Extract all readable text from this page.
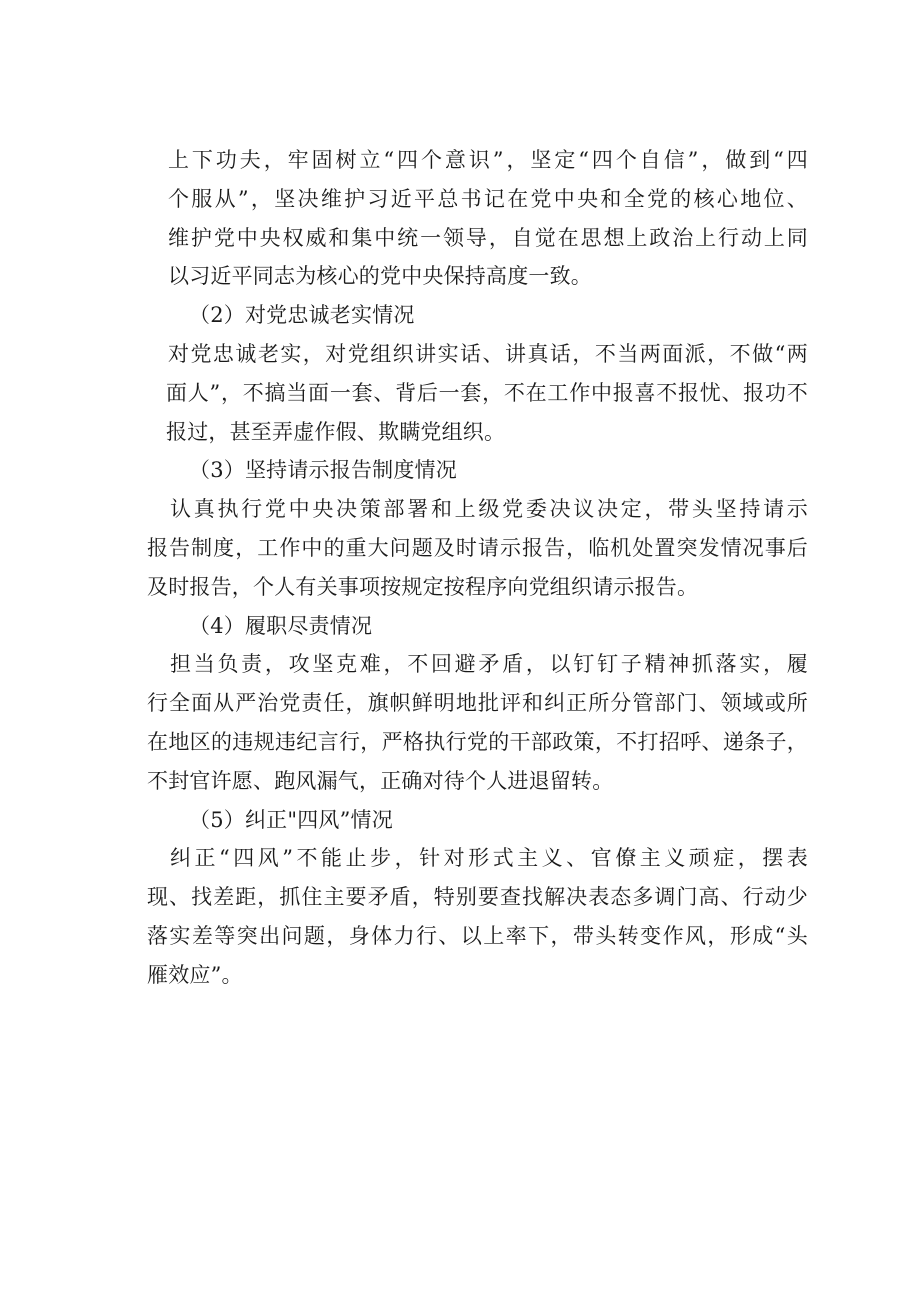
上下功夫，牢固树立“四个意识”，坚定“四个自信”，做到“四
个服从”，坚决维护习近平总书记在党中央和全党的核心地位、
维护党中央权威和集中统一领导，自觉在思想上政治上行动上同
以习近平同志为核心的党中央保持高度一致。
（2）对党忠诚老实情况
对党忠诚老实，对党组织讲实话、讲真话，不当两面派，不做“两
面人”，不搞当面一套、背后一套，不在工作中报喜不报忧、报功不
报过，甚至弄虚作假、欺瞒党组织。
（3）坚持请示报告制度情况
认真执行党中央决策部署和上级党委决议决定，带头坚持请示
报告制度，工作中的重大问题及时请示报告，临机处置突发情况事后
及时报告，个人有关事项按规定按程序向党组织请示报告。
（4）履职尽责情况
担当负责，攻坚克难，不回避矛盾，以钉钉子精神抓落实，履
行全面从严治党责任，旗帜鲜明地批评和纠正所分管部门、领域或所
在地区的违规违纪言行，严格执行党的干部政策，不打招呼、递条子，
不封官许愿、跑风漏气，正确对待个人进退留转。
（5）纠正"四风”情况
纠正“四风”不能止步，针对形式主义、官僚主义顽症，摆表
现、找差距，抓住主要矛盾，特别要查找解决表态多调门高、行动少
落实差等突出问题，身体力行、以上率下，带头转变作风，形成“头
雁效应”。
